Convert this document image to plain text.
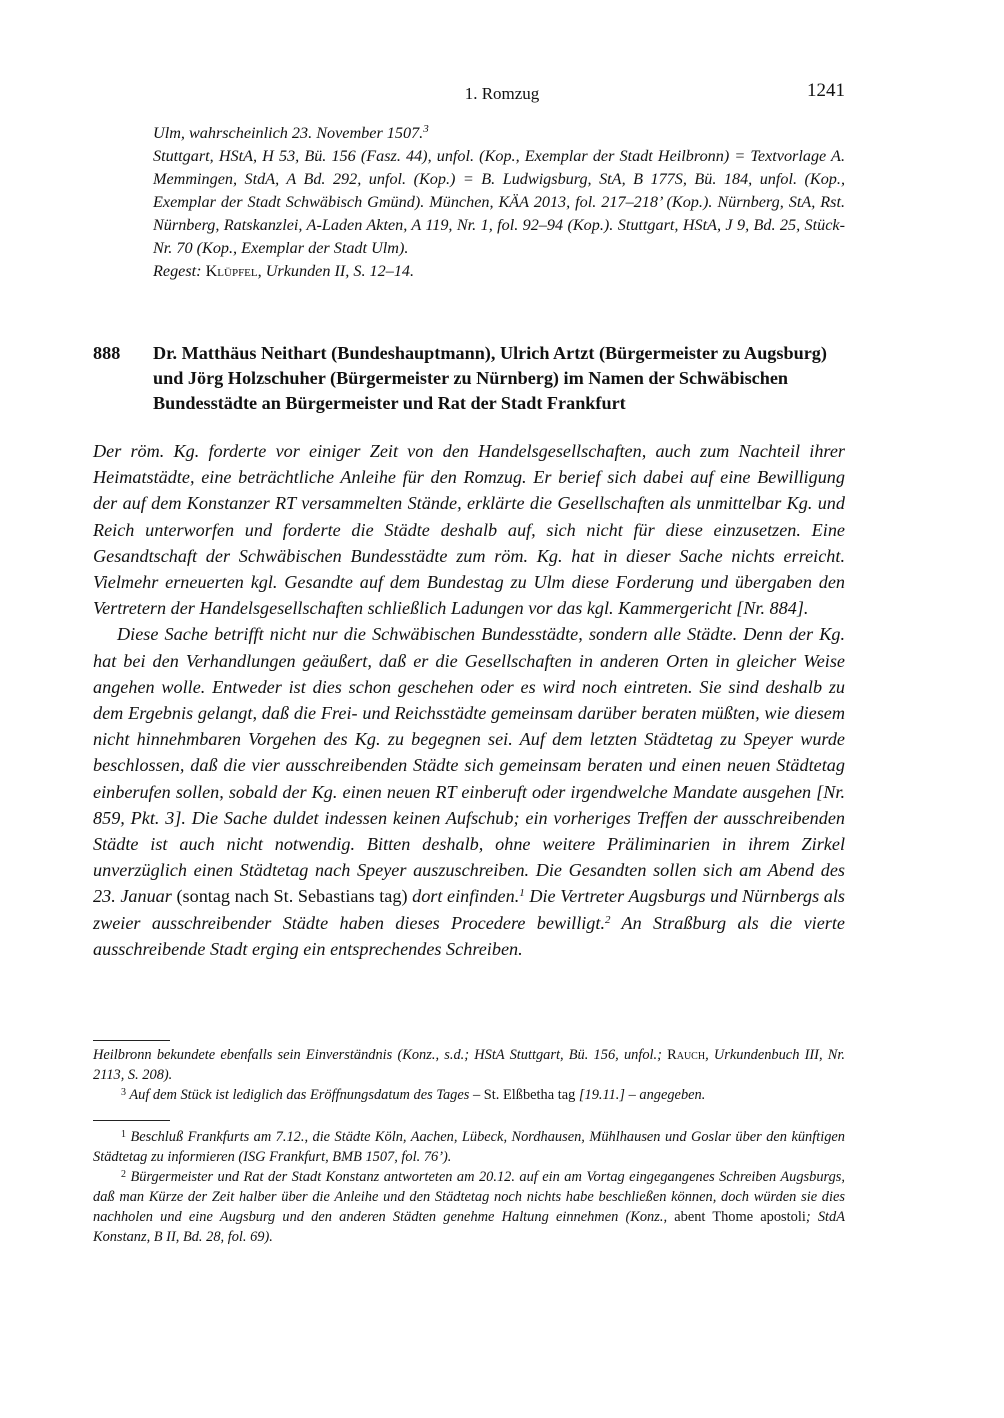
1. Romzug	1241

Ulm, wahrscheinlich 23. November 1507.$^3$

Stuttgart, HStA, H 53, Bü. 156 (Fasz. 44), unfol. (Kop., Exemplar der Stadt Heilbronn) = Textvorlage A. Memmingen, StdA, A Bd. 292, unfol. (Kop.) = B. Ludwigsburg, StA, B 177S, Bü. 184, unfol. (Kop., Exemplar der Stadt Schwäbisch Gmünd). München, KÄA 2013, fol. 217–218’ (Kop.). Nürnberg, StA, Rst. Nürnberg, Ratskanzlei, A-Laden Akten, A 119, Nr. 1, fol. 92–94 (Kop.). Stuttgart, HStA, J 9, Bd. 25, Stück-Nr. 70 (Kop., Exemplar der Stadt Ulm).

Regest: Klüpfel, Urkunden II, S. 12–14.

888	Dr. Matthäus Neithart (Bundeshauptmann), Ulrich Artzt (Bürgermeister zu Augsburg) und Jörg Holzschuher (Bürgermeister zu Nürnberg) im Namen der Schwäbischen Bundesstädte an Bürgermeister und Rat der Stadt Frankfurt

Der röm. Kg. forderte vor einiger Zeit von den Handelsgesellschaften, auch zum Nachteil ihrer Heimatstädte, eine beträchtliche Anleihe für den Romzug. Er berief sich dabei auf eine Bewilligung der auf dem Konstanzer RT versammelten Stände, erklärte die Gesellschaften als unmittelbar Kg. und Reich unterworfen und forderte die Städte deshalb auf, sich nicht für diese einzusetzen. Eine Gesandtschaft der Schwäbischen Bundesstädte zum röm. Kg. hat in dieser Sache nichts erreicht. Vielmehr erneuerten kgl. Gesandte auf dem Bundestag zu Ulm diese Forderung und übergaben den Vertretern der Handelsgesellschaften schließlich Ladungen vor das kgl. Kammergericht [Nr. 884].

Diese Sache betrifft nicht nur die Schwäbischen Bundesstädte, sondern alle Städte. Denn der Kg. hat bei den Verhandlungen geäußert, daß er die Gesellschaften in anderen Orten in gleicher Weise angehen wolle. Entweder ist dies schon geschehen oder es wird noch eintreten. Sie sind deshalb zu dem Ergebnis gelangt, daß die Frei- und Reichsstädte gemeinsam darüber beraten müßten, wie diesem nicht hinnehmbaren Vorgehen des Kg. zu begegnen sei. Auf dem letzten Städtetag zu Speyer wurde beschlossen, daß die vier ausschreibenden Städte sich gemeinsam beraten und einen neuen Städtetag einberufen sollen, sobald der Kg. einen neuen RT einberuft oder irgendwelche Mandate ausgehen [Nr. 859, Pkt. 3]. Die Sache duldet indessen keinen Aufschub; ein vorheriges Treffen der ausschreibenden Städte ist auch nicht notwendig. Bitten deshalb, ohne weitere Präliminarien in ihrem Zirkel unverzüglich einen Städtetag nach Speyer auszuschreiben. Die Gesandten sollen sich am Abend des 23. Januar (sontag nach St. Sebastians tag) dort einfinden.$^1$ Die Vertreter Augsburgs und Nürnbergs als zweier ausschreibender Städte haben dieses Procedere bewilligt.$^2$ An Straßburg als die vierte ausschreibende Stadt erging ein entsprechendes Schreiben.

Heilbronn bekundete ebenfalls sein Einverständnis (Konz., s.d.; HStA Stuttgart, Bü. 156, unfol.; Rauch, Urkundenbuch III, Nr. 2113, S. 208).

$^3$ Auf dem Stück ist lediglich das Eröffnungsdatum des Tages – St. Elßbetha tag [19.11.] – angegeben.

$^1$ Beschluß Frankfurts am 7.12., die Städte Köln, Aachen, Lübeck, Nordhausen, Mühlhausen und Goslar über den künftigen Städtetag zu informieren (ISG Frankfurt, BMB 1507, fol. 76’).

$^2$ Bürgermeister und Rat der Stadt Konstanz antworteten am 20.12. auf ein am Vortag eingegangenes Schreiben Augsburgs, daß man Kürze der Zeit halber über die Anleihe und den Städtetag noch nichts habe beschließen können, doch würden sie dies nachholen und eine Augsburg und den anderen Städten genehme Haltung einnehmen (Konz., abent Thome apostoli; StdA Konstanz, B II, Bd. 28, fol. 69).
